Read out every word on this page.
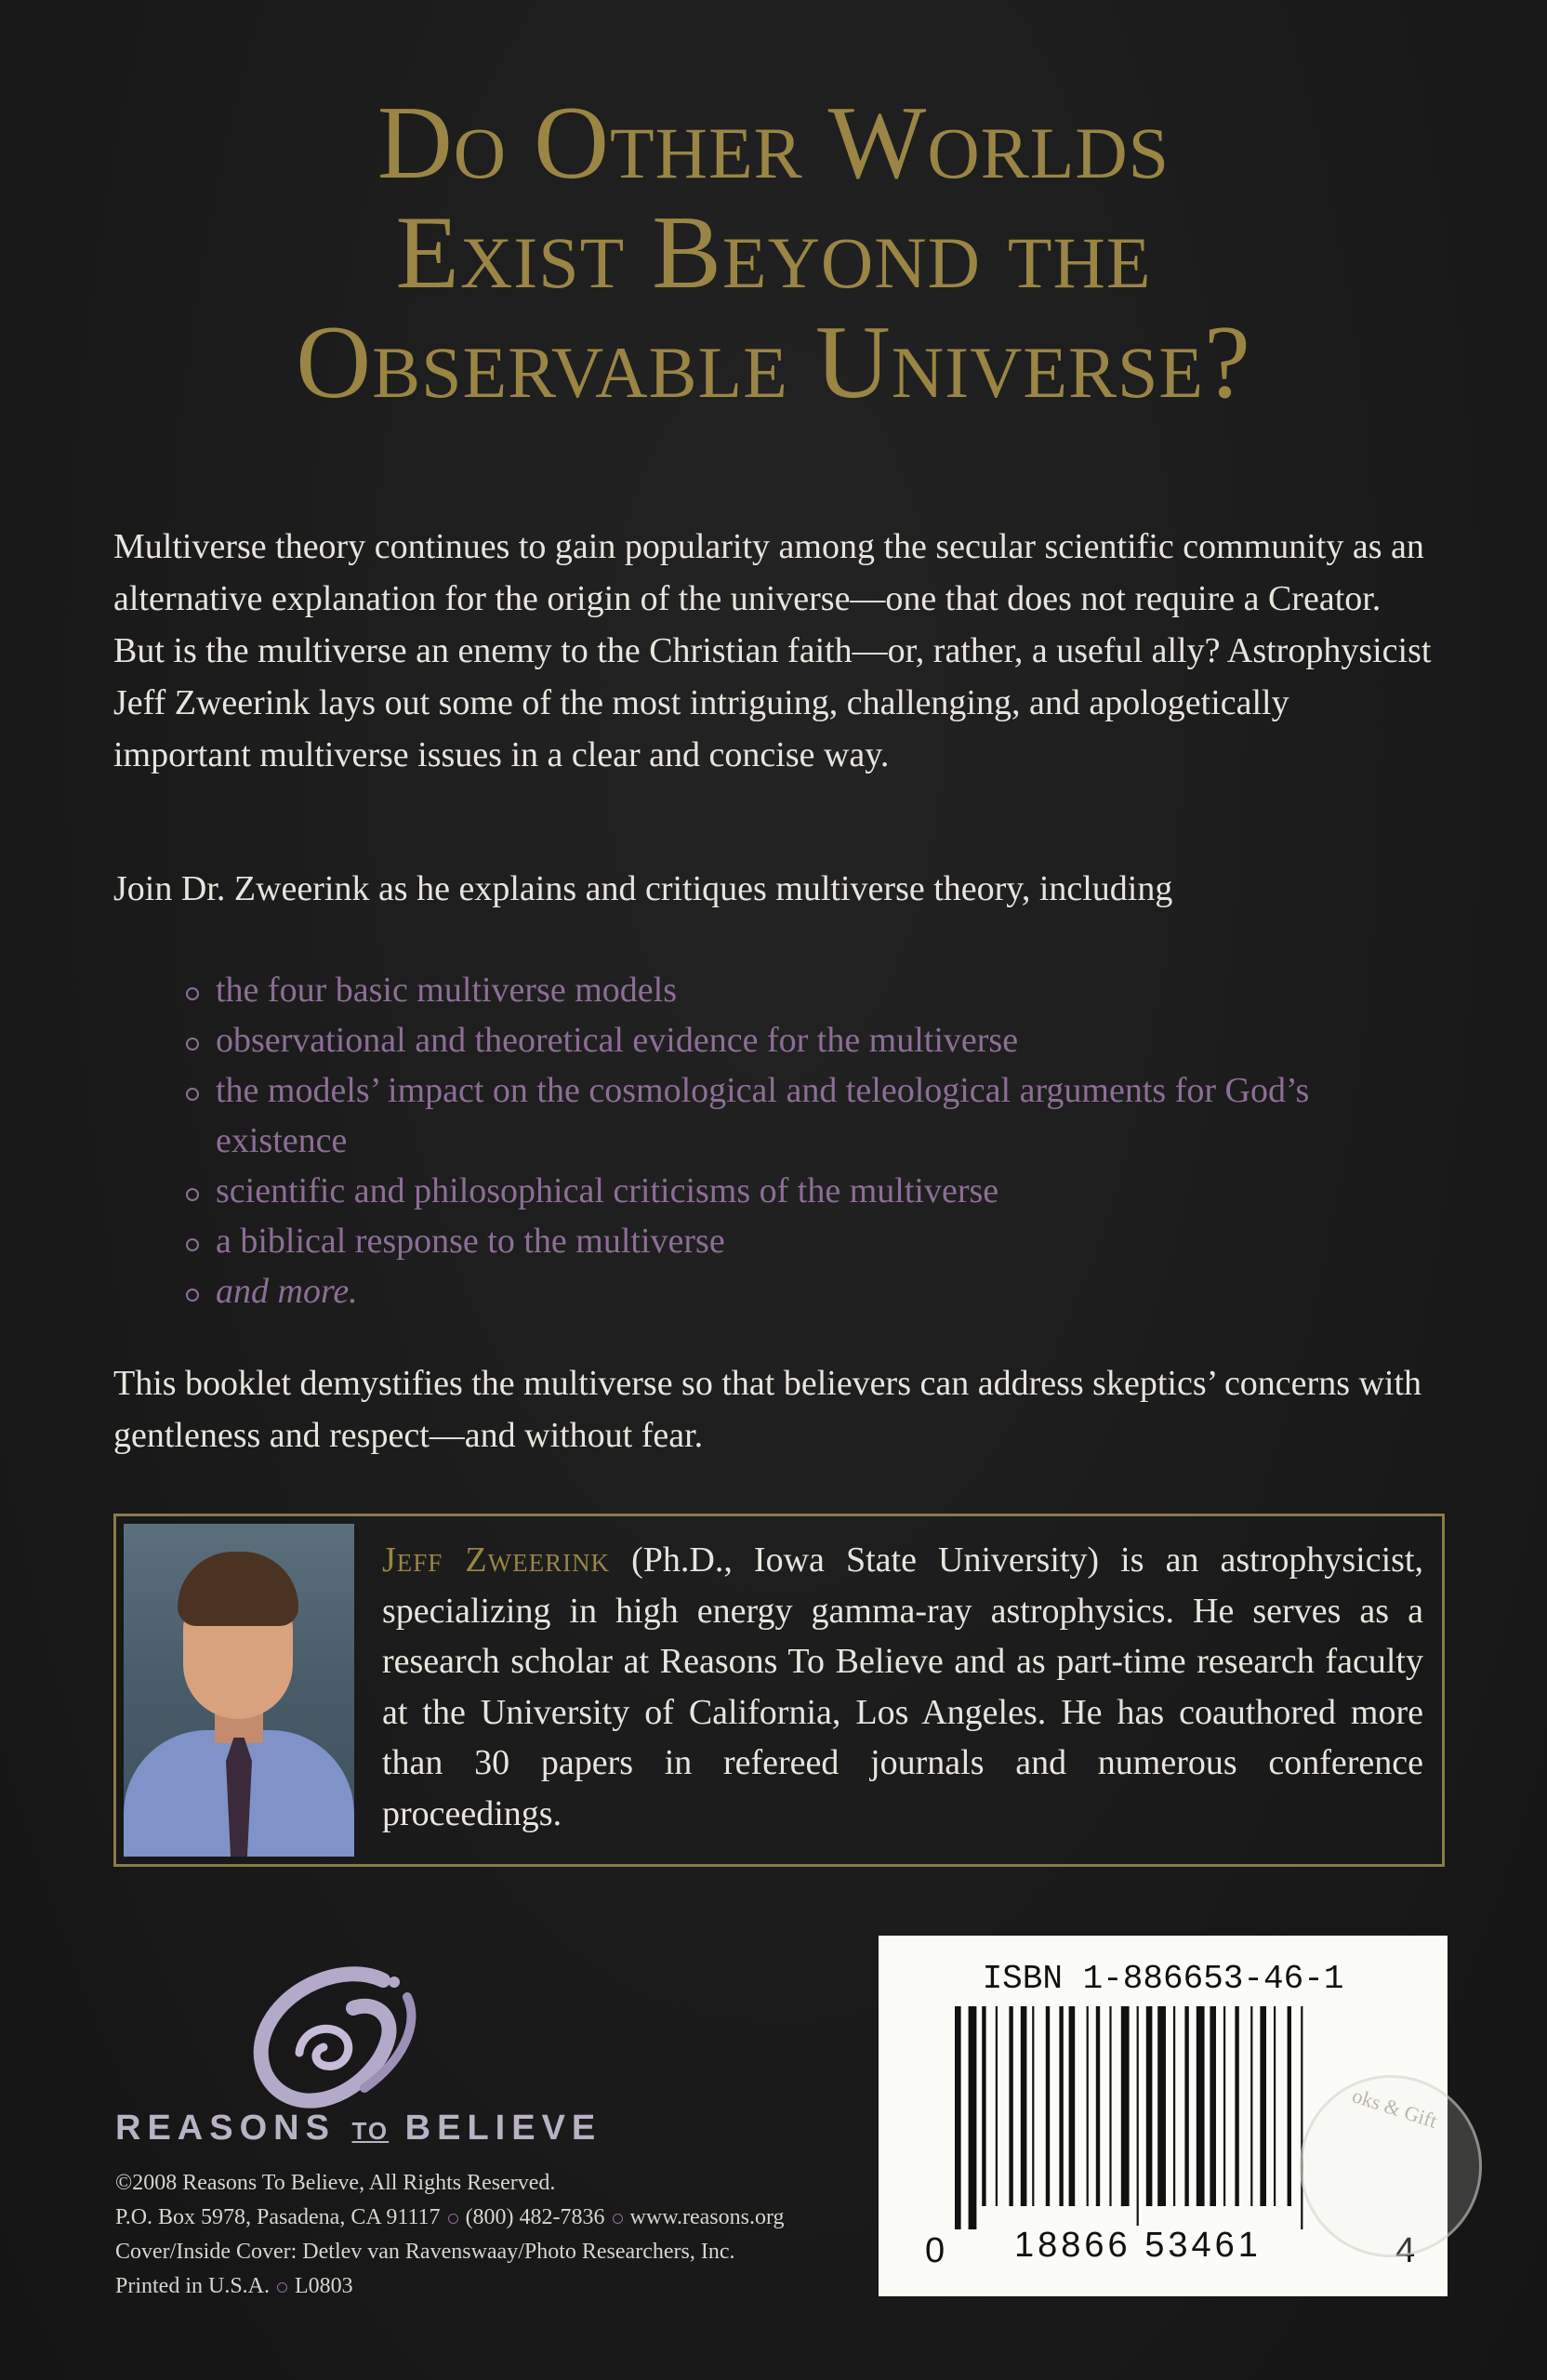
Do Other Worlds
Exist Beyond the
Observable Universe?

Multiverse theory continues to gain popularity among the secular scientific community as an alternative explanation for the origin of the universe—one that does not require a Creator. But is the multiverse an enemy to the Christian faith—or, rather, a useful ally? Astrophysicist Jeff Zweerink lays out some of the most intriguing, challenging, and apologetically important multiverse issues in a clear and concise way.

Join Dr. Zweerink as he explains and critiques multiverse theory, including

the four basic multiverse models
observational and theoretical evidence for the multiverse
the models’ impact on the cosmological and teleological arguments for God’s existence
scientific and philosophical criticisms of the multiverse
a biblical response to the multiverse
and more.

This booklet demystifies the multiverse so that believers can address skeptics’ concerns with gentleness and respect—and without fear.

Jeff Zweerink (Ph.D., Iowa State University) is an astrophysicist, specializing in high energy gamma-ray astrophysics. He serves as a research scholar at Reasons To Believe and as part-time research faculty at the University of California, Los Angeles. He has coauthored more than 30 papers in refereed journals and numerous conference proceedings.

REASONS TO BELIEVE

©2008 Reasons To Believe, All Rights Reserved.

P.O. Box 5978, Pasadena, CA 91117 (800) 482-7836 www.reasons.org

Cover/Inside Cover: Detlev van Ravenswaay/Photo Researchers, Inc.

Printed in U.S.A. L0803

ISBN 1-886653-46-1
0 18866 53461	4
oks & Gift
